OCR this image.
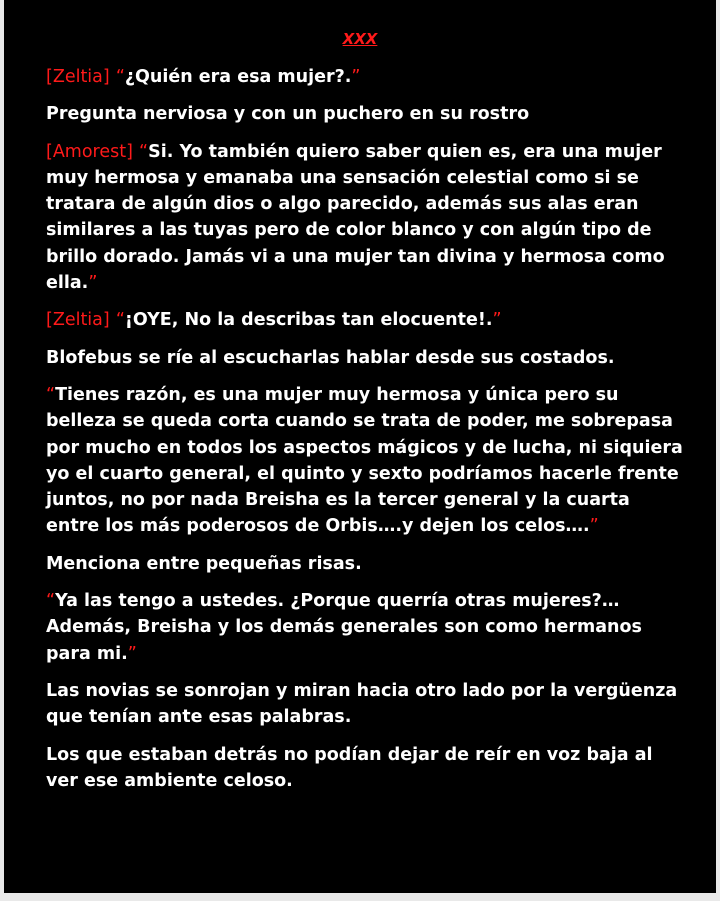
XXX

[Zeltia] “¿Quién era esa mujer?.”

Pregunta nerviosa y con un puchero en su rostro

[Amorest] “Si. Yo también quiero saber quien es, era una mujer muy hermosa y emanaba una sensación celestial como si se tratara de algún dios o algo parecido, además sus alas eran similares a las tuyas pero de color blanco y con algún tipo de brillo dorado. Jamás vi a una mujer tan divina y hermosa como ella.”

[Zeltia] “¡OYE, No la describas tan elocuente!.”

Blofebus se ríe al escucharlas hablar desde sus costados.

“Tienes razón, es una mujer muy hermosa y única pero su belleza se queda corta cuando se trata de poder, me sobrepasa por mucho en todos los aspectos mágicos y de lucha, ni siquiera yo el cuarto general, el quinto y sexto podríamos hacerle frente juntos, no por nada Breisha es la tercer general y la cuarta entre los más poderosos de Orbis….y dejen los celos….”

Menciona entre pequeñas risas.

“Ya las tengo a ustedes. ¿Porque querría otras mujeres?…Además, Breisha y los demás generales son como hermanos para mi.”

Las novias se sonrojan y miran hacia otro lado por la vergüenza que tenían ante esas palabras.

Los que estaban detrás no podían dejar de reír en voz baja al ver ese ambiente celoso.
